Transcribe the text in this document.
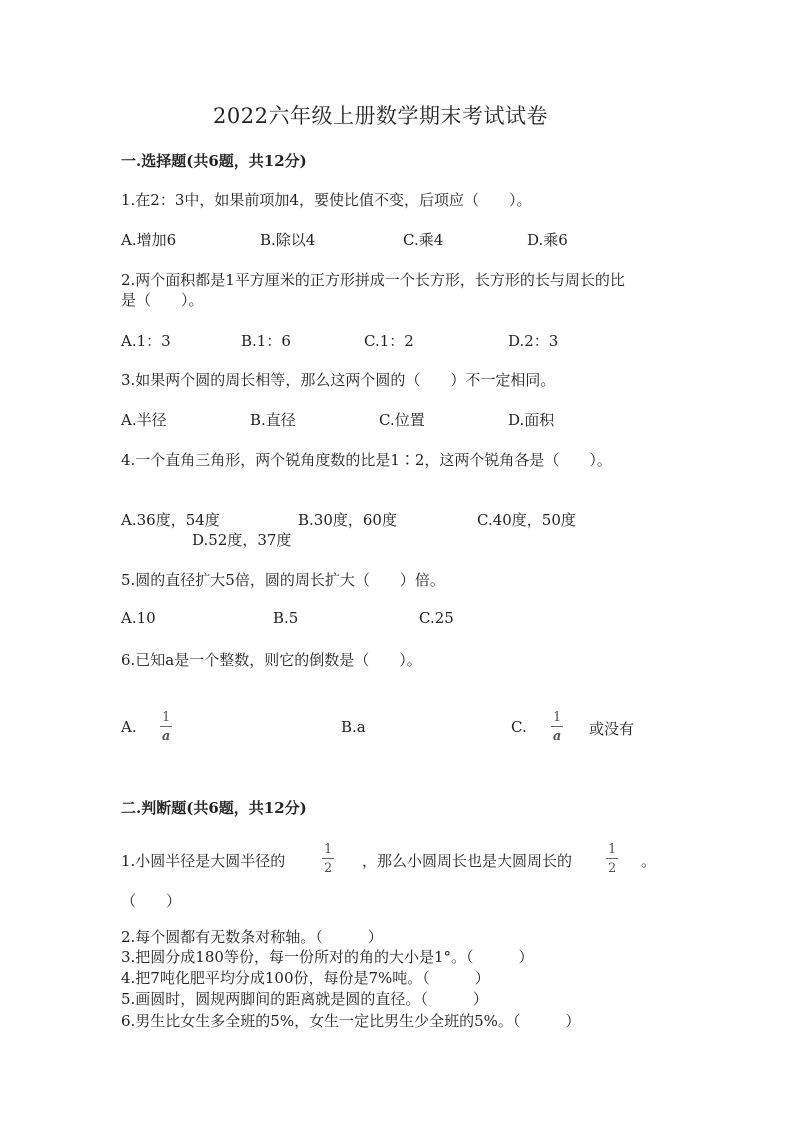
2022六年级上册数学期末考试试卷
一.选择题(共6题，共12分)
1.在2：3中，如果前项加4，要使比值不变，后项应（　　）。
A.增加6	B.除以4	C.乘4	D.乘6
2.两个面积都是1平方厘米的正方形拼成一个长方形，长方形的长与周长的比
是（　　）。
A.1：3	B.1：6	C.1：2	D.2：3
3.如果两个圆的周长相等，那么这两个圆的（　　）不一定相同。
A.半径	B.直径	C.位置	D.面积
4.一个直角三角形，两个锐角度数的比是1∶2，这两个锐角各是（　　）。
A.36度，54度	B.30度，60度	C.40度，50度
D.52度，37度
5.圆的直径扩大5倍，圆的周长扩大（　　）倍。
A.10	B.5	C.25
6.已知a是一个整数，则它的倒数是（　　）。
A.
1
a
B.a	C.
1
a 或没有
二.判断题(共6题，共12分)
1.小圆半径是大圆半径的
1
2 ，那么小圆周长也是大圆周长的
1
2 。
（　　）
2.每个圆都有无数条对称轴。（　　　）
3.把圆分成180等份，每一份所对的角的大小是1°。（　　　）
4.把7吨化肥平均分成100份，每份是7%吨。（　　　）
5.画圆时，圆规两脚间的距离就是圆的直径。（　　　）
6.男生比女生多全班的5%，女生一定比男生少全班的5%。（　　　）
